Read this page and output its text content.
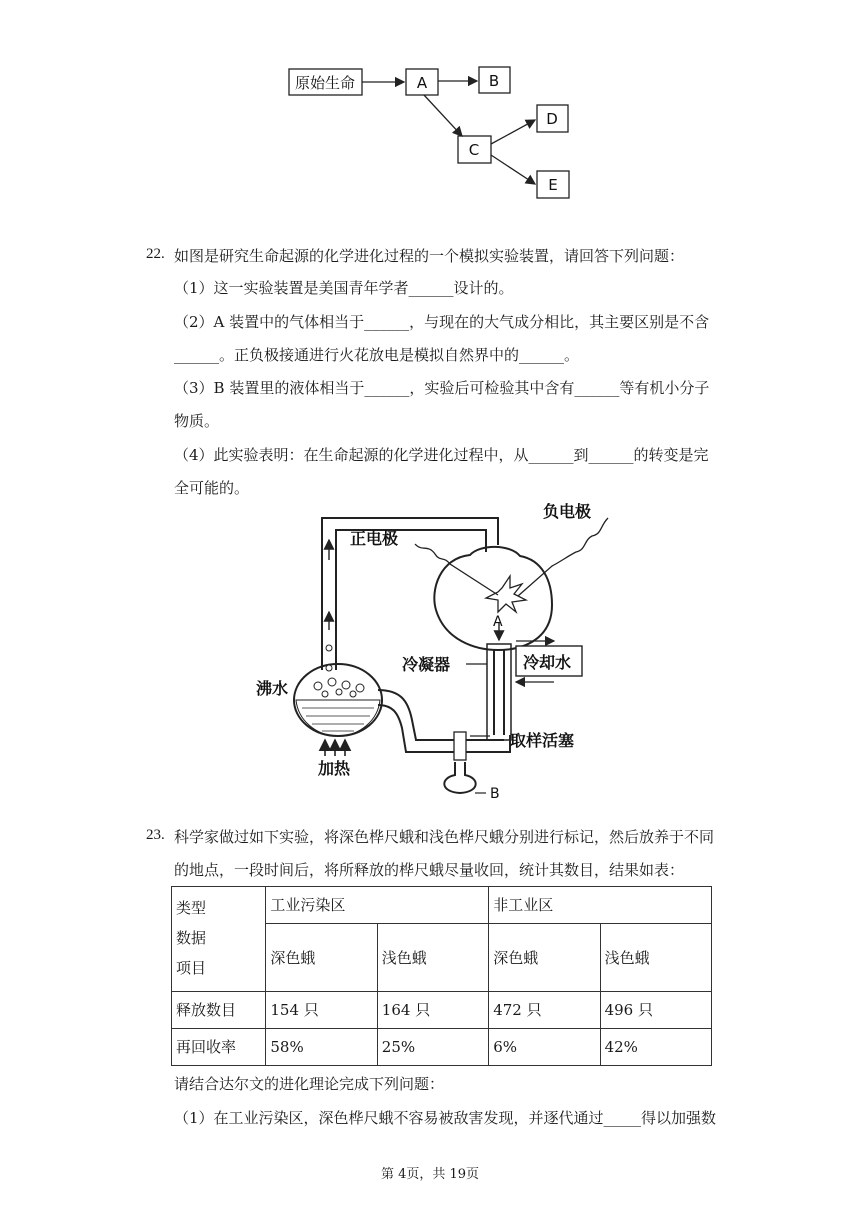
原始生命	A	B
C
D
E
22. 如图是研究生命起源的化学进化过程的一个模拟实验装置，请回答下列问题：
（1）这一实验装置是美国青年学者______设计的。
（2）A 装置中的气体相当于______，与现在的大气成分相比，其主要区别是不含
______。正负极接通进行火花放电是模拟自然界中的______。
（3）B 装置里的液体相当于______，实验后可检验其中含有______等有机小分子
物质。
（4）此实验表明：在生命起源的化学进化过程中，从______到______的转变是完
全可能的。
负电极
正电极
冷凝器	冷却水
沸水
加热
取样活塞
A
B
23. 科学家做过如下实验，将深色桦尺蛾和浅色桦尺蛾分别进行标记，然后放养于不同
的地点，一段时间后，将所释放的桦尺蛾尽量收回，统计其数目，结果如表：
类型
数据
项目	工业污染区		非工业区	
	深色蛾	浅色蛾	深色蛾	浅色蛾
释放数目	154 只	164 只	472 只	496 只
再回收率	58%	25%	6%	42%
请结合达尔文的进化理论完成下列问题：
（1）在工业污染区，深色桦尺蛾不容易被敌害发现，并逐代通过_____得以加强数
第 4页，共 19页
